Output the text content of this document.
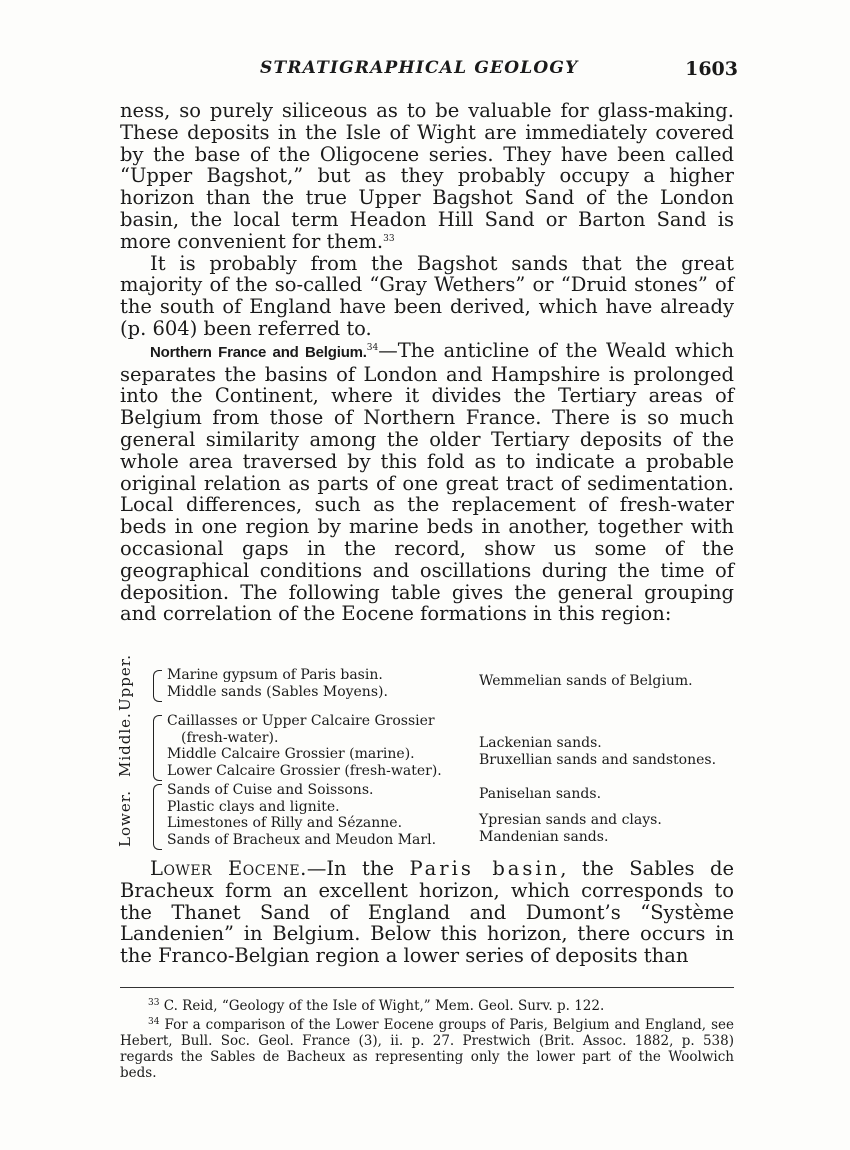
STRATIGRAPHICAL GEOLOGY	1603

ness, so purely siliceous as to be valuable for glass-making. These deposits in the Isle of Wight are immediately covered by the base of the Oligocene series. They have been called “Upper Bagshot,” but as they probably occupy a higher horizon than the true Upper Bagshot Sand of the London basin, the local term Headon Hill Sand or Barton Sand is more convenient for them.$^{33}$

It is probably from the Bagshot sands that the great majority of the so-called “Gray Wethers” or “Druid stones” of the south of England have been derived, which have already (p. 604) been referred to.

Northern France and Belgium.$^{34}$—The anticline of the Weald which separates the basins of London and Hampshire is prolonged into the Continent, where it divides the Tertiary areas of Belgium from those of Northern France. There is so much general similarity among the older Tertiary deposits of the whole area traversed by this fold as to indicate a probable original relation as parts of one great tract of sedimentation. Local differences, such as the replacement of fresh-water beds in one region by marine beds in another, together with occasional gaps in the record, show us some of the geographical conditions and oscillations during the time of deposition. The following table gives the general grouping and correlation of the Eocene formations in this region:

Upper. Marine gypsum of Paris basin.
Middle sands (Sables Moyens).
Wemmelian sands of Belgium.
Middle. Caillasses or Upper Calcaire Grossier
(fresh-water).
Middle Calcaire Grossier (marine).
Lower Calcaire Grossier (fresh-water).
Lackenian sands.
Bruxellian sands and sandstones.
Lower. Sands of Cuise and Soissons.
Plastic clays and lignite.
Limestones of Rilly and Sézanne.
Sands of Bracheux and Meudon Marl.
Paniselıan sands.
Ypresian sands and clays.
Mandenian sands.

Lower Eocene.—In the Paris basin, the Sables de Bracheux form an excellent horizon, which corresponds to the Thanet Sand of England and Dumont’s “Système Landenien” in Belgium. Below this horizon, there occurs in the Franco-Belgian region a lower series of deposits than

$^{33}$ C. Reid, “Geology of the Isle of Wight,” Mem. Geol. Surv. p. 122.

$^{34}$ For a comparison of the Lower Eocene groups of Paris, Belgium and England, see Hebert, Bull. Soc. Geol. France (3), ii. p. 27. Prestwich (Brit. Assoc. 1882, p. 538) regards the Sables de Bacheux as representing only the lower part of the Woolwich beds.
